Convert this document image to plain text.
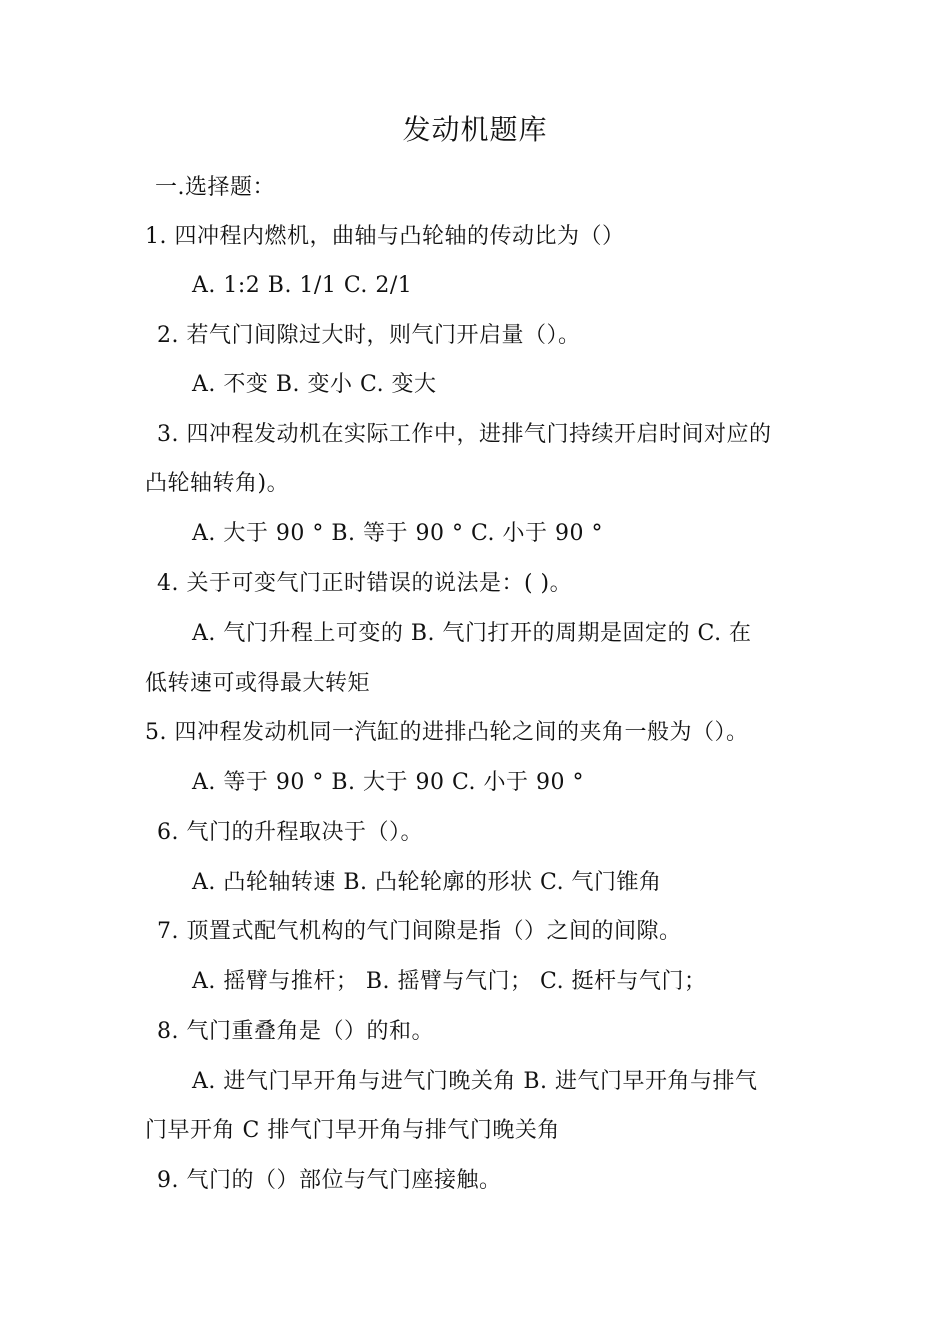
发动机题库
一.选择题：
1. 四冲程内燃机，曲轴与凸轮轴的传动比为（）
A. 1:2 B. 1/1 C. 2/1
2. 若气门间隙过大时，则气门开启量（）。
A. 不变 B. 变小 C. 变大
3. 四冲程发动机在实际工作中，进排气门持续开启时间对应的
凸轮轴转角)。
A. 大于 90 ° B. 等于 90 ° C. 小于 90 °
4. 关于可变气门正时错误的说法是：( )。
A. 气门升程上可变的 B. 气门打开的周期是固定的 C. 在
低转速可或得最大转矩
5. 四冲程发动机同一汽缸的进排凸轮之间的夹角一般为（）。
A. 等于 90 ° B. 大于 90 C. 小于 90 °
6. 气门的升程取决于（）。
A. 凸轮轴转速 B. 凸轮轮廓的形状 C. 气门锥角
7. 顶置式配气机构的气门间隙是指（）之间的间隙。
A. 摇臂与推杆； B. 摇臂与气门； C. 挺杆与气门；
8. 气门重叠角是（）的和。
A. 进气门早开角与进气门晚关角 B. 进气门早开角与排气
门早开角 C 排气门早开角与排气门晚关角
9. 气门的（）部位与气门座接触。
